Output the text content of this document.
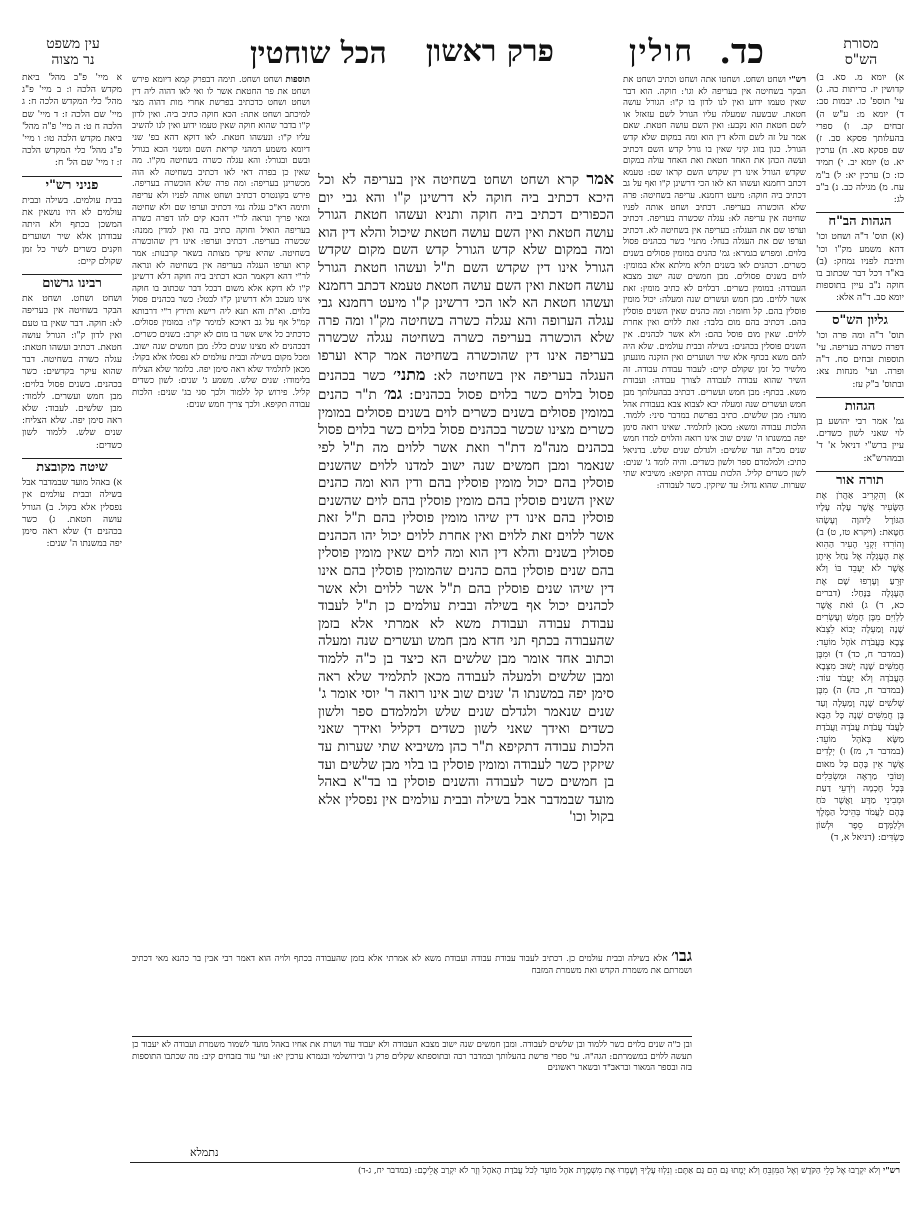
כד.
חולין
פרק ראשון
הכל שוחטין	מסורת הש"ס
עין משפט
נר מצוה

א) יומא מ. סא. ב) קדושין יז. כריתות כה. ג) עי' תוספ' כו. יבמות סב: ד) יומא מ: ע"ש ה) זבחים קב. ו) ספרי בהעלותך פסקא סב. ז) שם פסקא סא. ח) ערכין יא. ט) יומא יב. י) תמיד כז: כ) ערכין יא: ל) ב"מ עח. מ) מגילה כב. נ) ב"ב לג:

הגהות הב"ח

(א) תוס' ד"ה ושחט וכו' דהא משמע מק"ו וכו' ותיבת לפניו נמחק: (ב) בא"ד דכל דבר שכתוב בו חוקה נ"ב עיין בתוספות יומא סב. ד"ה אלא:

גליון הש"ס

תוס' ד"ה ומה פרה וכו' דפרה כשרה בעריפה. עי' תוספות זבחים סח. ד"ה ופרה. ועי' מנחות צא: ובתוס' ב"ק עז:

הגהות

גמ' אמר רבי יהושע בן לוי שאני לשון כשדים. עיין ברש"י דניאל א' ד' ובמהרש"א:

תורה אור

א) וְהִקְרִיב אַהֲרֹן אֶת הַשָּׂעִיר אֲשֶׁר עָלָה עָלָיו הַגּוֹרָל לַיהוָה וְעָשָׂהוּ חַטָּאת: (ויקרא טז, ט) ב) וְהוֹרִדוּ זִקְנֵי הָעִיר הַהִוא אֶת הָעֶגְלָה אֶל נַחַל אֵיתָן אֲשֶׁר לֹא יֵעָבֵד בּוֹ וְלֹא יִזָּרֵעַ וְעָרְפוּ שָׁם אֶת הָעֶגְלָה בַּנָּחַל: (דברים כא, ד) ג) זֹאת אֲשֶׁר לַלְוִיִּם מִבֶּן חָמֵשׁ וְעֶשְׂרִים שָׁנָה וָמַעְלָה יָבוֹא לִצְבֹא צָבָא בַּעֲבֹדַת אֹהֶל מוֹעֵד: (במדבר ח, כד) ד) וּמִבֶּן חֲמִשִּׁים שָׁנָה יָשׁוּב מִצְּבָא הָעֲבֹדָה וְלֹא יַעֲבֹד עוֹד: (במדבר ח, כה) ה) מִבֶּן שְׁלֹשִׁים שָׁנָה וָמַעְלָה וְעַד בֶּן חֲמִשִּׁים שָׁנָה כָּל הַבָּא לַעֲבֹד עֲבֹדַת עֲבֹדָה וַעֲבֹדַת מַשָּׂא בְּאֹהֶל מוֹעֵד: (במדבר ד, מז) ו) יְלָדִים אֲשֶׁר אֵין בָּהֶם כָּל מאום וְטוֹבֵי מַרְאֶה וּמַשְׂכִּלִים בְּכָל חָכְמָה וְיֹדְעֵי דַעַת וּמְבִינֵי מַדָּע וַאֲשֶׁר כֹּחַ בָּהֶם לַעֲמֹד בְּהֵיכַל הַמֶּלֶךְ וּלְלַמְּדָם סֵפֶר וּלְשׁוֹן כַּשְׂדִּים: (דניאל א, ד)

א מיי' פ"ב מהל' ביאת מקדש הלכה ו: ב מיי' פ"ג מהל' כלי המקדש הלכה ח: ג מיי' שם הלכה ז: ד מיי' שם הלכה ח ט: ה מיי' פ"ה מהל' ביאת מקדש הלכה טו: ו מיי' פ"ג מהל' כלי המקדש הלכה ז: ז מיי' שם הל' ח:

פניני רש"י

בבית עולמים. בשילה ובבית עולמים לא היו נושאין את המשכן בכתף ולא היתה עבודתן אלא שיר ושוערים וזקנים כשרים לשיר כל זמן שקולם קיים:

רבינו גרשום

ושחט ושחט. ושחט את הבקר בשחיטה אין בעריפה לא: חוקה. דבר שאין בו טעם ואין לדון ק"ו: הגורל עושה חטאת. דכתיב ועשהו חטאת: עגלה כשרה בשחיטה. דבר שהוא עיקר בקדשים: כשר בכהנים. בשנים פסול בלוים: מבן חמש ועשרים. ללמוד: מבן שלשים. לעבוד: שלא ראה סימן יפה. שלא הצליח: שנים שלש. ללמוד לשון כשדים:

שיטה מקובצת

א) באהל מועד שבמדבר אבל בשילה ובבית עולמים אין נפסלין אלא בקול. ב) הגורל עושה חטאת. ג) כשר בכהנים ד) שלא ראה סימן יפה במשנתו ה' שנים:

רש"י ושחט ושחט. ושחטו אתה ושחט וכתיב ושחט את הבקר בשחיטה אין בעריפה לא וגו': חוקה. הוא דבר שאין טעמו ידוע ואין לנו לדון בו ק"ו: הגורל עושה חטאת. שבשעה שמעלה עליו הגורל לשם עזאזל או לשם חטאת הוא נקבע: ואין השם עושה חטאת. שאם אמר על זה לשם והלא דין הוא ומה במקום שלא קדש הגורל. כגון בזוג קיני שאין בו גורל קדש השם דכתיב ועשה הכהן את האחד חטאת ואת האחד עולה במקום שקדש הגורל אינו דין שקדש השם קראו שם: טעמא דכתב רחמנא ועשהו הא לאו הכי דרשינן ק"ו ואף על גב דכתיב ביה חוקה: מיעט רחמנא. עריפה בשחיטה: פרה שלא הוכשרה בעריפה. דכתיב ושחט אותה לפניו שחיטה אין עריפה לא: עגלה שכשרה בעריפה. דכתיב וערפו שם את העגלה: בעריפה אין בשחיטה לא. דכתיב וערפו שם את העגלה בנחל: מתני' כשר בכהנים פסול בלוים. ומפרש בגמרא: גמ' כהנים במומין פסולים בשנים כשרים. דכהנים לאו בשנים תליא מילתא אלא במומין: לוים בשנים פסולים. מבן חמשים שנה ישוב מצבא העבודה: במומין כשרים. דבלוים לא כתיב מומין: זאת אשר ללוים. מבן חמש ועשרים שנה ומעלה: יכול מומין פוסלין בהם. קל וחומר: ומה כהנים שאין השנים פוסלין בהם. דכתיב בהם מום בלבד: זאת ללוים ואין אחרת ללוים. שאין מום פוסל בהם: ולא אשר לכהנים. אין השנים פוסלין בכהנים: בשילה ובבית עולמים. שלא היה להם משא בכתף אלא שיר ושוערים ואין הזקנה מונעתן מלשיר כל זמן שקולם קיים: לעבוד עבודת עבודה. זה השיר שהוא עבודה לעבודה לצורך עבודה: ועבודת משא. בכתף: מבן חמש ועשרים. דכתיב בבהעלותך מבן חמש ועשרים שנה ומעלה יבא לצבוא צבא בעבודת אהל מועד: מבן שלשים. כתיב בפרשת במדבר סיני: ללמוד. הלכות עבודה ומשא: מכאן לתלמיד. שאינו רואה סימן יפה במשנתו ה' שנים שוב אינו רואה והלוים למדו חמש שנים מכ"ה ועד שלשים: ולגדלם שנים שלש. בדניאל כתיב: ולמלמדם ספר ולשון כשדים. והיה לומד ג' שנים: לשון כשדים קליל. הלכות עבודה תקיפא: משיביא שתי שערות. שהוא גדול: עד שיזקין. כשר לעבודה:
תוספות ושחט ושחט. תימה דבפרק קמא דיומא פירש ושחט את פר החטאת אשר לו ואי לאו דהוה ליה דין ושחט ושחט כדכתיב בפרשת אחרי מות דהוה מצי למיכתב ושחט אתה: הכא חוקה כתיב ביה. ואין לדון ק"ו בדבר שהוא חוקה שאין טעמו ידוע ואין לנו להשיב עליו ק"ו: ונעשהו חטאת. לאו דוקא דהא בפ' שני דיומא משמע דמהני קריאת השם ומשני הכא בגורל ובשם ובגורל: והא עגלה כשרה בשחיטה מק"ו. מה שאין כן בפרה דאי לאו דכתיב בשחיטה לא הוה מכשרינן בעריפה: ומה פרה שלא הוכשרה בעריפה. פירש בקונטרס דכתיב ושחט אותה לפניו ולא עריפה ותימה דא"כ עגלה נמי דכתיב וערפו שם ולא שחיטה ומאי פריך ונראה לר"י דהכא קים להו דפרה כשרה בעריפה הואיל וחוקה כתיב בה ואין למדין ממנה: שכשרה בעריפה. דכתיב וערפו: אינו דין שהוכשרה בשחיטה. שהיא עיקר מצותה בשאר קרבנות: אמר קרא וערפו העגלה בעריפה אין בשחיטה לא ונראה לר"י דהא דקאמר הכא דכתיב ביה חוקה דלא דרשינן ק"ו לא דוקא אלא משום דבכל דבר שכתוב בו חוקה אינו מעכב ולא דרשינן ק"ו לבטל: כשר בכהנים פסול בלוים. וא"ת והא תנא ליה רישא ותירץ ר"י דרבותא קמ"ל אף על גב דאיכא למימר ק"ו: במומין פסולים. כדכתיב כל איש אשר בו מום לא יקרב: בשנים כשרים. דבכהנים לא מצינו שנים כלל: מבן חמשים שנה ישוב. ומכל מקום בשילה ובבית עולמים לא נפסלו אלא בקול: מכאן לתלמיד שלא ראה סימן יפה. כלומר שלא הצליח בלימודו: שנים שלש. משמע ג' שנים: לשון כשדים קליל. פירוש קל ללמוד ולכך סגי בג' שנים: הלכות עבודה תקיפא. ולכך צריך חמש שנים:

אמר קרא ושחט ושחט בשחיטה אין בעריפה לא וכל היכא דכתיב ביה חוקה לא דרשינן ק"ו והא גבי יום הכפורים דכתיב ביה חוקה ותניא ועשהו חטאת הגורל עושה חטאת ואין השם עושה חטאת שיכול והלא דין הוא ומה במקום שלא קדש הגורל קדש השם מקום שקדש הגורל אינו דין שקדש השם ת"ל ועשהו חטאת הגורל עושה חטאת ואין השם עושה חטאת טעמא דכתב רחמנא ועשהו חטאת הא לאו הכי דרשינן ק"ו מיעט רחמנא גבי עגלה הערופה והא עגלה כשרה בשחיטה מק"ו ומה פרה שלא הוכשרה בעריפה כשרה בשחיטה עגלה שכשרה בעריפה אינו דין שהוכשרה בשחיטה אמר קרא וערפו העגלה בעריפה אין בשחיטה לא: מתני׳ כשר בכהנים פסול בלוים כשר בלוים פסול בכהנים: גמ׳ ת"ר כהנים במומין פסולים בשנים כשרים לוים בשנים פסולים במומין כשרים מצינו שכשר בכהנים פסול בלוים כשר בלוים פסול בכהנים מנה"מ דת"ר וזאת אשר ללוים מה ת"ל לפי שנאמר ומבן חמשים שנה ישוב למדנו ללוים שהשנים פוסלין בהם יכול מומין פוסלין בהם ודין הוא ומה כהנים שאין השנים פוסלין בהם מומין פוסלין בהם לוים שהשנים פוסלין בהם אינו דין שיהו מומין פוסלין בהם ת"ל זאת אשר ללוים זאת ללוים ואין אחרת ללוים יכול יהו הכהנים פסולין בשנים והלא דין הוא ומה לוים שאין מומין פוסלין בהם שנים פוסלין בהם כהנים שהמומין פוסלין בהם אינו דין שיהו שנים פוסלין בהם ת"ל אשר ללוים ולא אשר לכהנים יכול אף בשילה ובבית עולמים כן ת"ל לעבוד עבודת עבודה ועבודת משא לא אמרתי אלא בזמן שהעבודה בכתף תני חדא מבן חמש ועשרים שנה ומעלה וכתוב אחד אומר מבן שלשים הא כיצד בן כ"ה ללמוד ומבן שלשים ולמעלה לעבודה מכאן לתלמיד שלא ראה סימן יפה במשנתו ה' שנים שוב אינו רואה ר' יוסי אומר ג' שנים שנאמר ולגדלם שנים שלש ולמלמדם ספר ולשון כשדים ואידך שאני לשון כשדים דקליל ואידך שאני הלכות עבודה דתקיפא ת"ר כהן משיביא שתי שערות עד שיזקין כשר לעבודה ומומין פוסלין בו בלוי מבן שלשים ועד בן חמשים כשר לעבודה והשנים פוסלין בו בד"א באהל מועד שבמדבר אבל בשילה ובבית עולמים אין נפסלין אלא בקול וכו'

גבו׳ אלא בשילה ובבית עולמים כן. דכתיב לעבוד עבודת עבודה ועבודת משא לא אמרתי אלא בזמן שהעבודה בכתף ולויה הוא דאמר רבי אבין בר כהנא מאי דכתיב ושמרתם את משמרת הקדש ואת משמרת המזבח
ובן כ"ה שנים בלוים כשר ללמוד ובן שלשים לעבודה. ומבן חמשים שנה ישוב מצבא העבודה ולא יעבוד עוד ושרת את אחיו באהל מועד לשמור משמרת ועבודה לא יעבוד כן תעשה ללוים במשמרתם: הגה"ה. עי' ספרי פרשת בהעלותך ובמדבר רבה ובתוספתא שקלים פרק ג' ובירושלמי ובגמרא ערכין יא: ועי' עוד בזבחים קיב: מה שכתבו התוספות בזה ובספר המאור ובראב"ד ובשאר ראשונים
נתמלא
רש"י וְלֹא יִקְרָבוּ אֶל כְּלֵי הַקֹּדֶשׁ וְאֶל הַמִּזְבֵּחַ וְלֹא יָמֻתוּ גַּם הֵם גַּם אַתֶּם: וְנִלְווּ עָלֶיךָ וְשָׁמְרוּ אֶת מִשְׁמֶרֶת אֹהֶל מוֹעֵד לְכֹל עֲבֹדַת הָאֹהֶל וְזָר לֹא יִקְרַב אֲלֵיכֶם: (במדבר יח, ג-ד)
